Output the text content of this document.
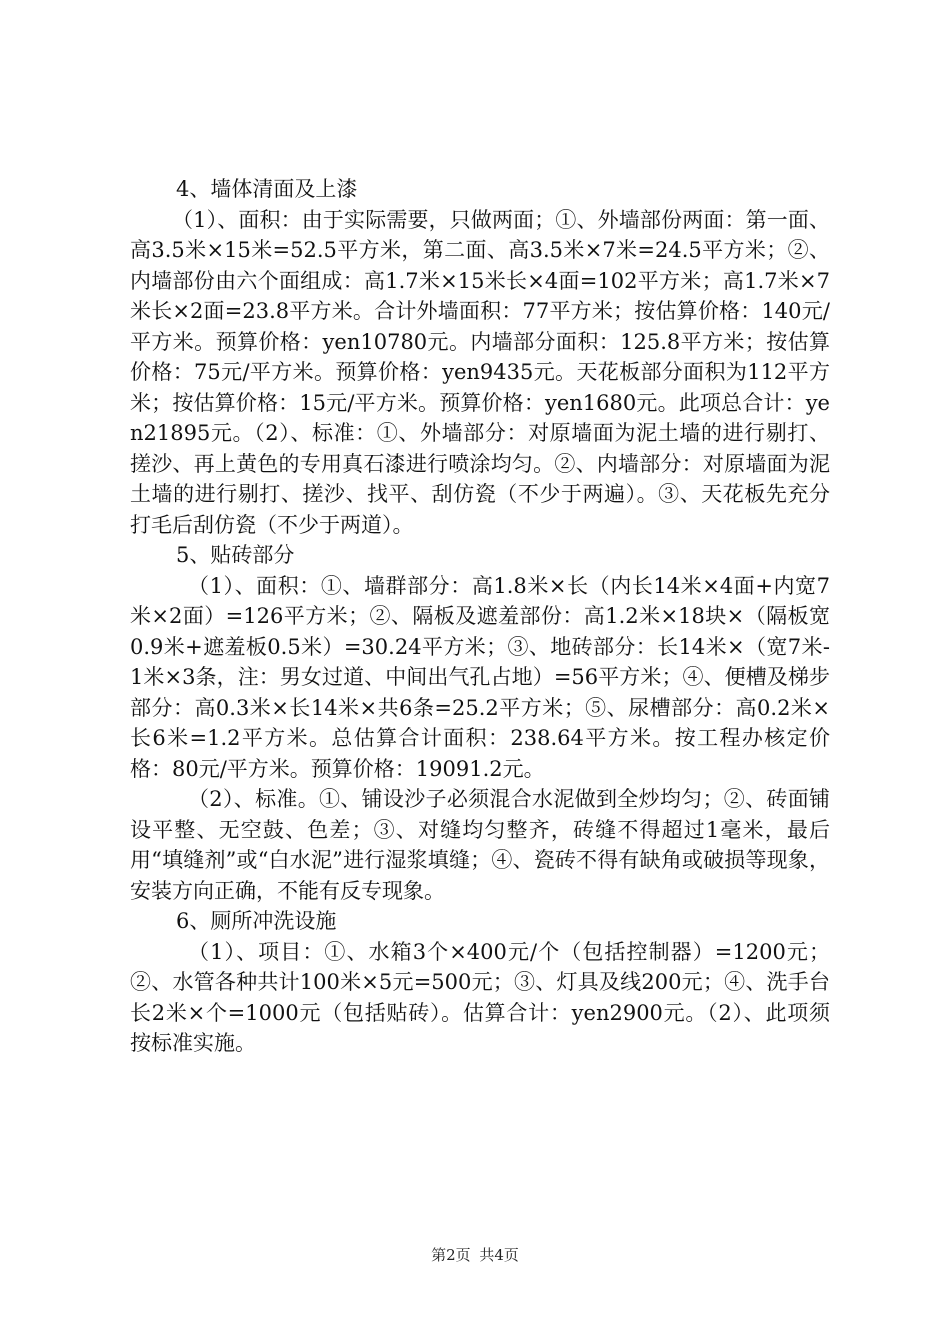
4、墙体清面及上漆

（1）、面积：由于实际需要，只做两面；①、外墙部份两面：第一面、高3.5米×15米=52.5平方米，第二面、高3.5米×7米=24.5平方米；②、内墙部份由六个面组成：高1.7米×15米长×4面=102平方米；高1.7米×7米长×2面=23.8平方米。合计外墙面积：77平方米；按估算价格：140元/平方米。预算价格：yen10780元。内墙部分面积：125.8平方米；按估算价格：75元/平方米。预算价格：yen9435元。天花板部分面积为112平方米；按估算价格：15元/平方米。预算价格：yen1680元。此项总合计：yen21895元。（2）、标准：①、外墙部分：对原墙面为泥土墙的进行剔打、搓沙、再上黄色的专用真石漆进行喷涂均匀。②、内墙部分：对原墙面为泥土墙的进行剔打、搓沙、找平、刮仿瓷（不少于两遍）。③、天花板先充分打毛后刮仿瓷（不少于两道）。

5、贴砖部分

（1）、面积：①、墙群部分：高1.8米×长（内长14米×4面+内宽7米×2面）=126平方米；②、隔板及遮羞部份：高1.2米×18块×（隔板宽0.9米+遮羞板0.5米）=30.24平方米；③、地砖部分：长14米×（宽7米-1米×3条，注：男女过道、中间出气孔占地）=56平方米；④、便槽及梯步部分：高0.3米×长14米×共6条=25.2平方米；⑤、尿槽部分：高0.2米×长6米=1.2平方米。总估算合计面积：238.64平方米。按工程办核定价格：80元/平方米。预算价格：19091.2元。

（2）、标准。①、铺设沙子必须混合水泥做到全炒均匀；②、砖面铺设平整、无空鼓、色差；③、对缝均匀整齐，砖缝不得超过1毫米，最后用“填缝剂”或“白水泥”进行湿浆填缝；④、瓷砖不得有缺角或破损等现象，安装方向正确，不能有反专现象。

6、厕所冲洗设施

（1）、项目：①、水箱3个×400元/个（包括控制器）=1200元；②、水管各种共计100米×5元=500元；③、灯具及线200元；④、洗手台长2米×个=1000元（包括贴砖）。估算合计：yen2900元。（2）、此项须按标准实施。

第2页 共4页
